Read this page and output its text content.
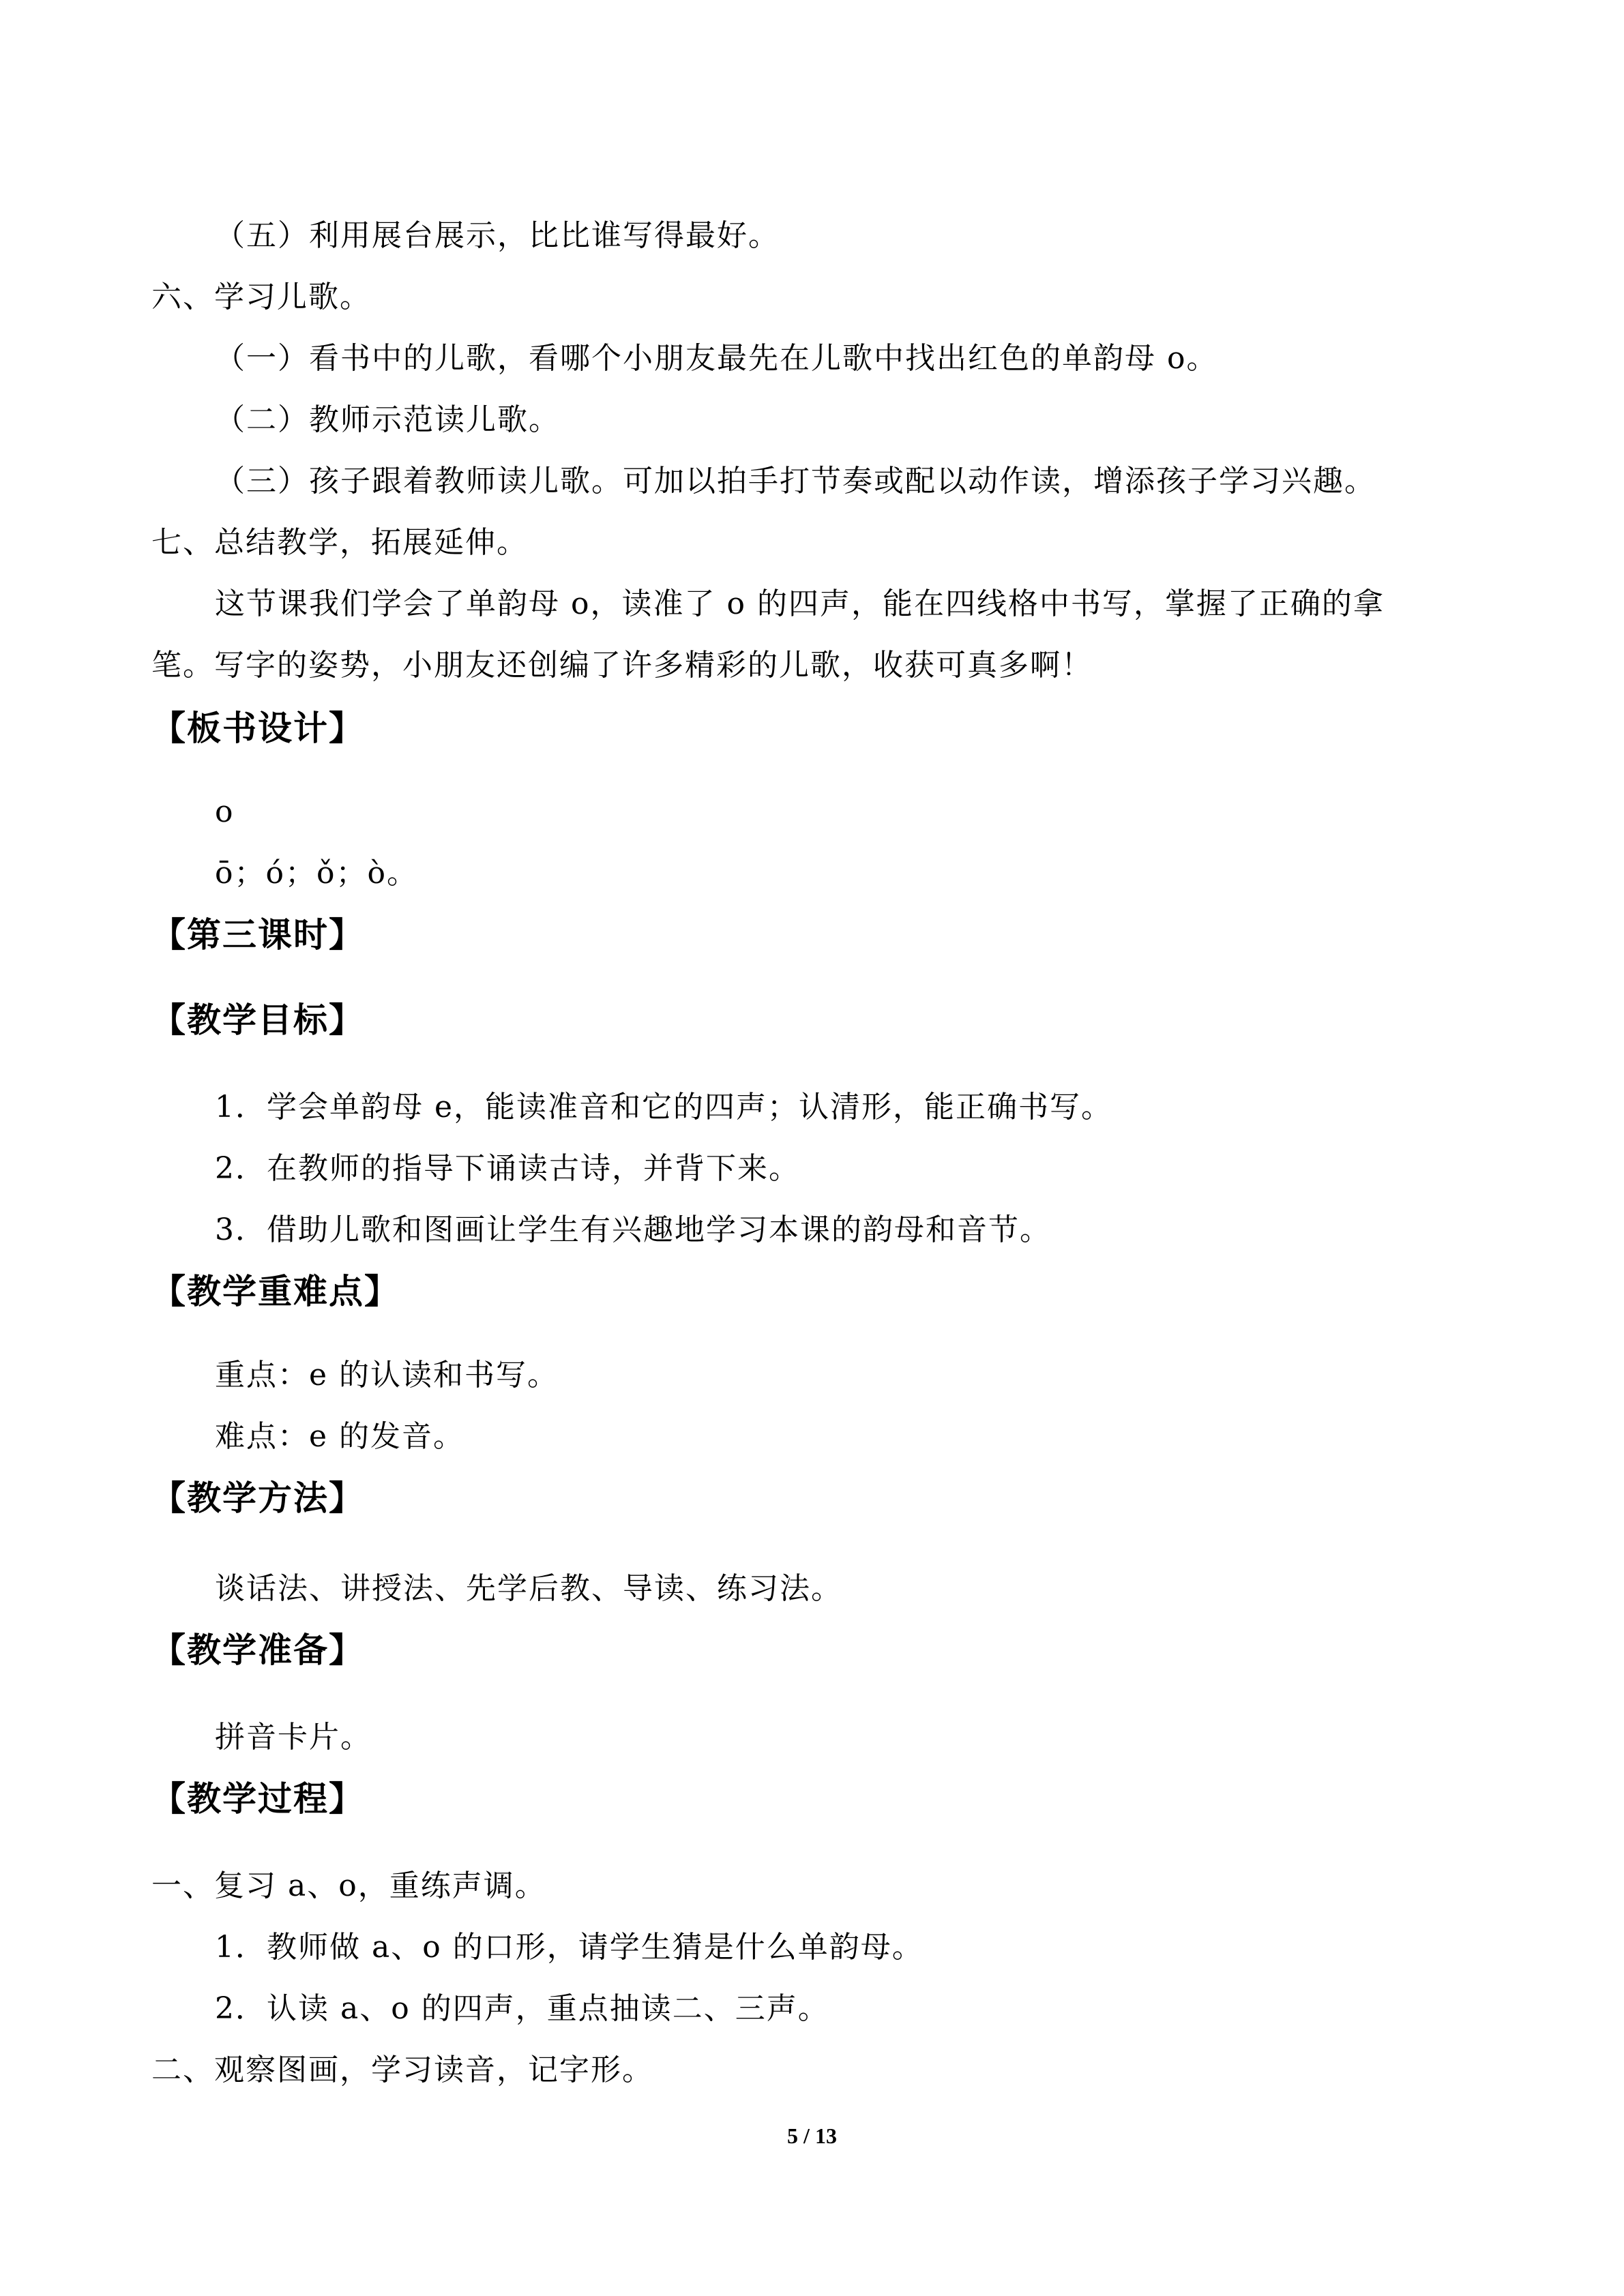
（五）利用展台展示，比比谁写得最好。
六、学习儿歌。
（一）看书中的儿歌，看哪个小朋友最先在儿歌中找出红色的单韵母 o。
（二）教师示范读儿歌。
（三）孩子跟着教师读儿歌。可加以拍手打节奏或配以动作读，增添孩子学习兴趣。
七、总结教学，拓展延伸。
这节课我们学会了单韵母 o，读准了 o 的四声，能在四线格中书写，掌握了正确的拿
笔。写字的姿势，小朋友还创编了许多精彩的儿歌，收获可真多啊！
【板书设计】
o
ō；ó；ǒ；ò。
【第三课时】
【教学目标】
1．学会单韵母 e，能读准音和它的四声；认清形，能正确书写。
2．在教师的指导下诵读古诗，并背下来。
3．借助儿歌和图画让学生有兴趣地学习本课的韵母和音节。
【教学重难点】
重点：e 的认读和书写。
难点：e 的发音。
【教学方法】
谈话法、讲授法、先学后教、导读、练习法。
【教学准备】
拼音卡片。
【教学过程】
一、复习 a、o，重练声调。
1．教师做 a、o 的口形，请学生猜是什么单韵母。
2．认读 a、o 的四声，重点抽读二、三声。
二、观察图画，学习读音，记字形。
5 / 13
